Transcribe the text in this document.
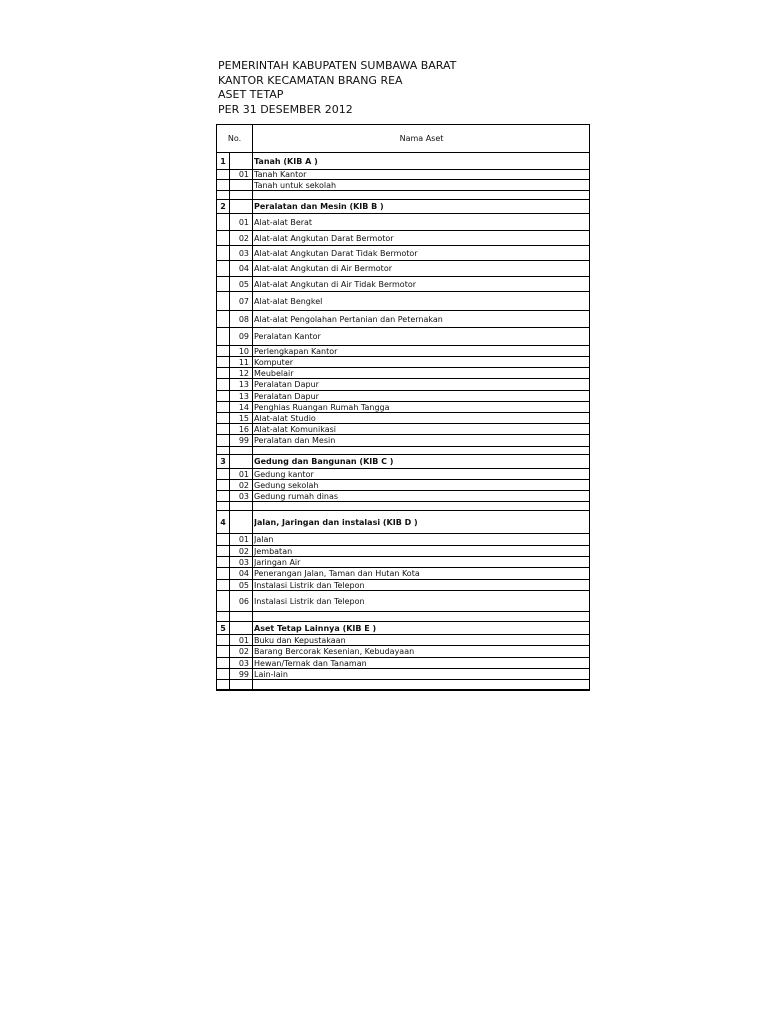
PEMERINTAH KABUPATEN SUMBAWA BARAT
KANTOR KECAMATAN BRANG REA
ASET TETAP
PER 31 DESEMBER 2012
No.	Nama Aset
1	Tanah (KIB A )
01 Tanah Kantor
Tanah untuk sekolah
2	Peralatan dan Mesin (KIB B )
01 Alat-alat Berat
02 Alat-alat Angkutan Darat Bermotor
03 Alat-alat Angkutan Darat Tidak Bermotor
04 Alat-alat Angkutan di Air Bermotor
05 Alat-alat Angkutan di Air Tidak Bermotor
07 Alat-alat Bengkel
08 Alat-alat Pengolahan Pertanian dan Peternakan
09 Peralatan Kantor
10 Perlengkapan Kantor
11 Komputer
12 Meubelair
13 Peralatan Dapur
13 Peralatan Dapur
14 Penghias Ruangan Rumah Tangga
15 Alat-alat Studio
16 Alat-alat Komunikasi
99 Peralatan dan Mesin
3	Gedung dan Bangunan (KIB C )
01 Gedung kantor
02 Gedung sekolah
03 Gedung rumah dinas
4	Jalan, Jaringan dan instalasi (KIB D )
01 Jalan
02 Jembatan
03 Jaringan Air
04 Penerangan Jalan, Taman dan Hutan Kota
05 Instalasi Listrik dan Telepon
06 Instalasi Listrik dan Telepon
5	Aset Tetap Lainnya (KIB E )
01 Buku dan Kepustakaan
02 Barang Bercorak Kesenian, Kebudayaan
03 Hewan/Ternak dan Tanaman
99 Lain-lain
